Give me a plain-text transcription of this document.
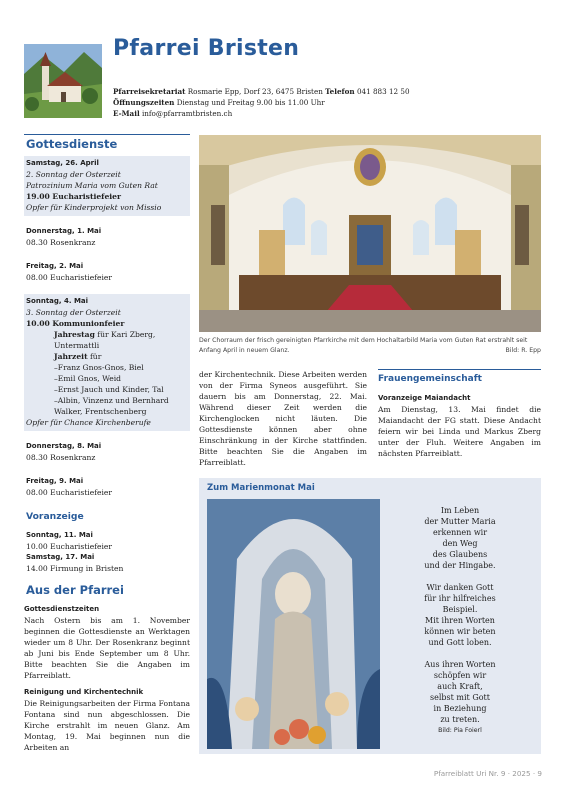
Pfarrei Bristen
Pfarreisekretariat Rosmarie Epp, Dorf 23, 6475 Bristen Telefon 041 883 12 50
Öffnungszeiten Dienstag und Freitag 9.00 bis 11.00 Uhr
E-Mail info@pfarramtbristen.ch
Gottesdienste
Samstag, 26. April
2. Sonntag der Osterzeit
Patrozinium Maria vom Guten Rat
19.00 Eucharistiefeier
Opfer für Kinderprojekt von Missio
Donnerstag, 1. Mai
08.30 Rosenkranz
Freitag, 2. Mai
08.00 Eucharistiefeier
Sonntag, 4. Mai
3. Sonntag der Osterzeit
10.00 Kommunionfeier
Jahrestag für Kari Zberg, Untermattli
Jahrzeit für
–Franz Gnos-Gnos, Biel
–Emil Gnos, Weid
–Ernst Jauch und Kinder, Tal
–Albin, Vinzenz und Bernhard Walker, Frentschenberg
Opfer für Chance Kirchenberufe
Donnerstag, 8. Mai
08.30 Rosenkranz
Freitag, 9. Mai
08.00 Eucharistiefeier
Voranzeige
Sonntag, 11. Mai
10.00 Eucharistiefeier
Samstag, 17. Mai
14.00 Firmung in Bristen
Aus der Pfarrei
Gottesdienstzeiten
Nach Ostern bis am 1. November beginnen die Gottesdienste an Werktagen wieder um 8 Uhr. Der Rosenkranz beginnt ab Juni bis Ende September um 8 Uhr. Bitte beachten Sie die Angaben im Pfarreiblatt.
Reinigung und Kirchentechnik
Die Reinigungsarbeiten der Firma Fontana Fontana sind nun abgeschlossen. Die Kirche erstrahlt im neuen Glanz. Am Montag, 19. Mai beginnen nun die Arbeiten an
Der Chorraum der frisch gereinigten Pfarrkirche mit dem Hochaltarbild Maria vom Guten Rat erstrahlt seit Anfang April in neuem Glanz.	Bild: R. Epp
der Kirchentechnik. Diese Arbeiten werden von der Firma Syneos ausgeführt. Sie dauern bis am Donnerstag, 22. Mai. Während dieser Zeit werden die Kirchenglocken nicht läuten. Die Gottesdienste können aber ohne Einschränkung in der Kirche stattfinden. Bitte beachten Sie die Angaben im Pfarreiblatt.
Frauengemeinschaft
Voranzeige Maiandacht
Am Dienstag, 13. Mai findet die Maiandacht der FG statt. Diese Andacht feiern wir bei Linda und Markus Zberg unter der Fluh. Weitere Angaben im nächsten Pfarreiblatt.
Zum Marienmonat Mai
Im Leben
der Mutter Maria
erkennen wir
den Weg
des Glaubens
und der Hingabe.
Wir danken Gott
für ihr hilfreiches
Beispiel.
Mit ihren Worten
können wir beten
und Gott loben.
Aus ihren Worten
schöpfen wir
auch Kraft,
selbst mit Gott
in Beziehung
zu treten.
Bild: Pia Foierl
Pfarreiblatt Uri Nr. 9 · 2025 · 9
